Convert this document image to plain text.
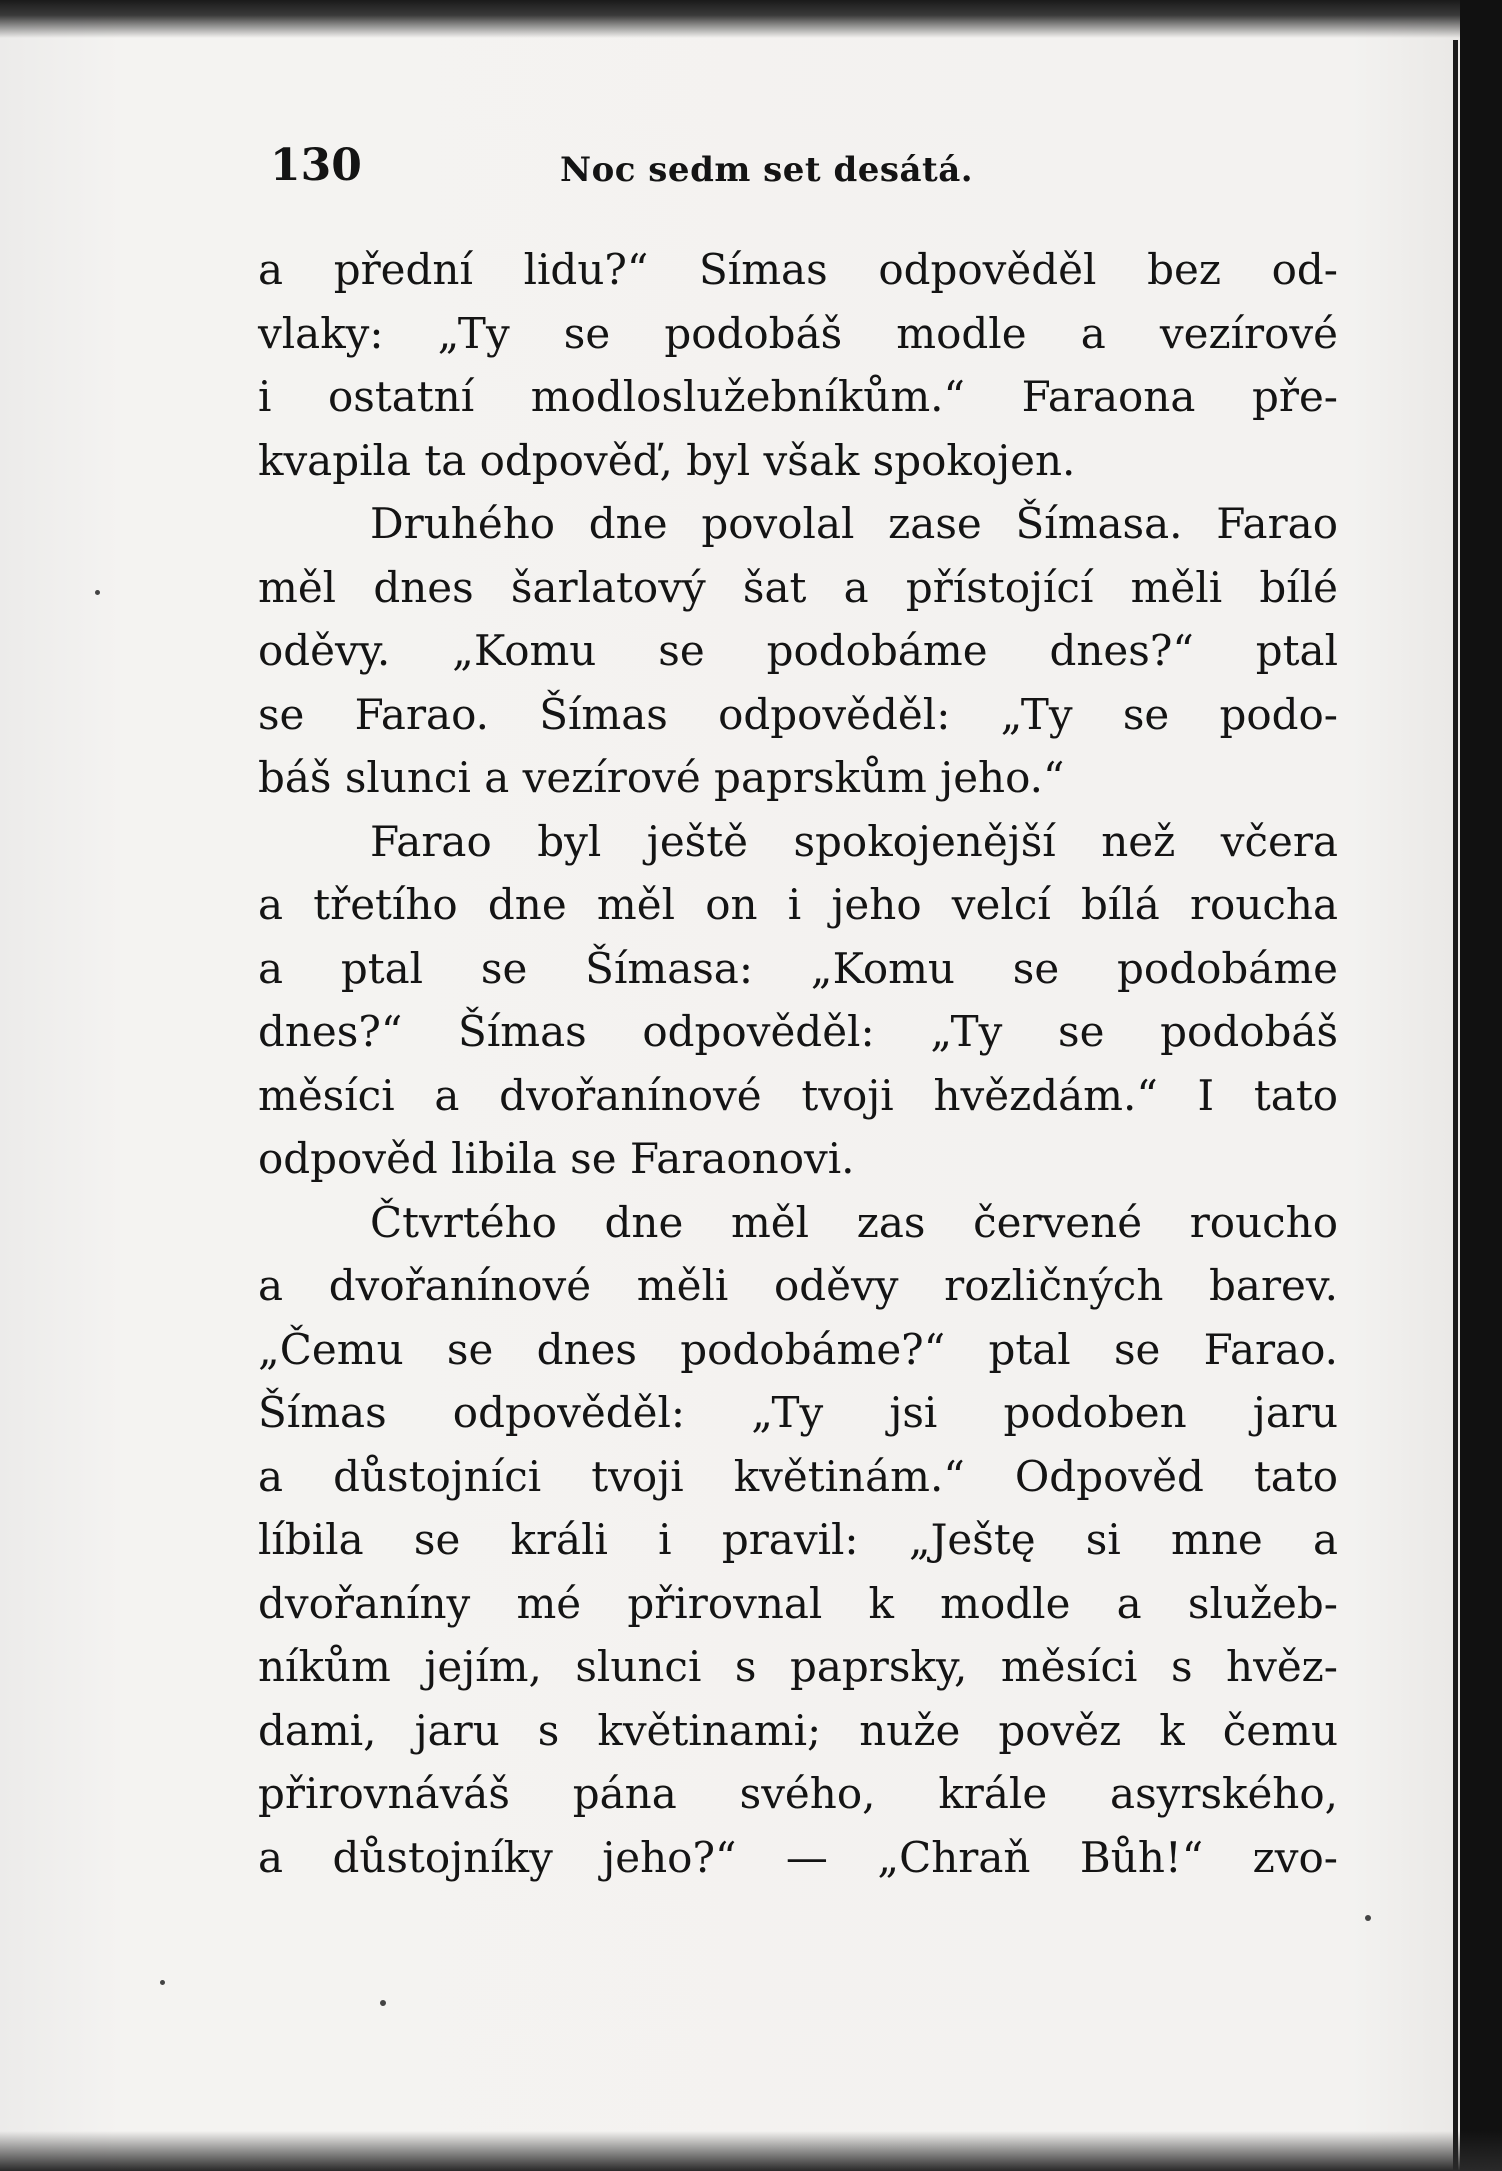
130	Noc sedm set desátá.
a přední lidu?“ Símas odpověděl bez od-
vlaky: „Ty se podobáš modle a vezírové
i ostatní modloslužebníkům.“ Faraona pře-
kvapila ta odpověď, byl však spokojen.
Druhého dne povolal zase Šímasa. Farao
měl dnes šarlatový šat a přístojící měli bílé
oděvy. „Komu se podobáme dnes?“ ptal
se Farao. Šímas odpověděl: „Ty se podo-
báš slunci a vezírové paprskům jeho.“
Farao byl ještě spokojenější než včera
a třetího dne měl on i jeho velcí bílá roucha
a ptal se Šímasa: „Komu se podobáme
dnes?“ Šímas odpověděl: „Ty se podobáš
měsíci a dvořanínové tvoji hvězdám.“ I tato
odpověd libila se Faraonovi.
Čtvrtého dne měl zas červené roucho
a dvořanínové měli oděvy rozličných barev.
„Čemu se dnes podobáme?“ ptal se Farao.
Šímas odpověděl: „Ty jsi podoben jaru
a důstojníci tvoji květinám.“ Odpověd tato
líbila se králi i pravil: „Ještę si mne a
dvořaníny mé přirovnal k modle a služeb-
níkům jejím, slunci s paprsky, měsíci s hvěz-
dami, jaru s květinami; nuže pověz k čemu
přirovnáváš pána svého, krále asyrského,
a důstojníky jeho?“ — „Chraň Bůh!“ zvo-
